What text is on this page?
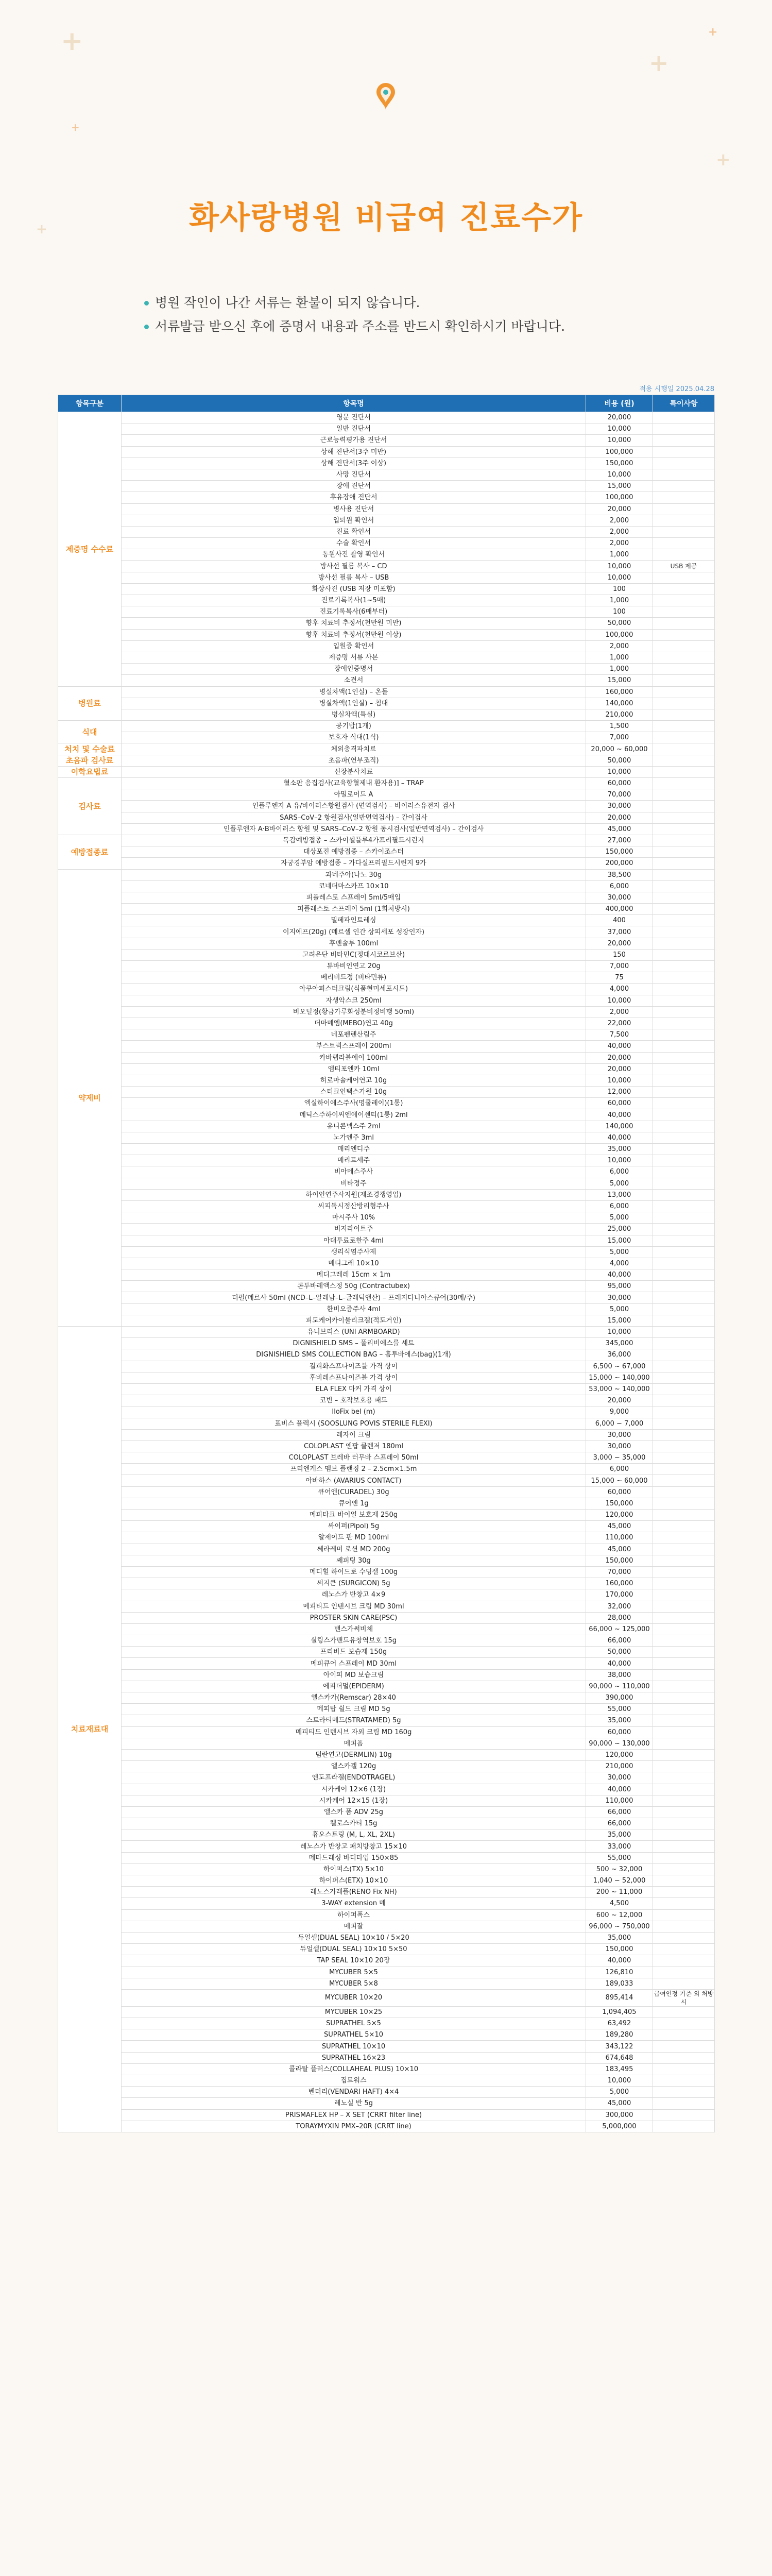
+
+
+
+
+
+	화사랑병원 비급여 진료수가
병원 작인이 나간 서류는 환불이 되지 않습니다.
서류발급 받으신 후에 증명서 내용과 주소를 반드시 확인하시기 바랍니다.
적용 시행일 2025.04.28
항목구분	항목명	비용 (원)	특이사항
제증명 수수료	영문 진단서	20,000	
	일반 진단서	10,000	
	근로능력평가용 진단서	10,000	
	상해 진단서(3주 미만)	100,000	
	상해 진단서(3주 이상)	150,000	
	사망 진단서	10,000	
	장애 진단서	15,000	
	후유장애 진단서	100,000	
	병사용 진단서	20,000	
	입퇴원 확인서	2,000	
	진료 확인서	2,000	
	수술 확인서	2,000	
	통원사진 촬영 확인서	1,000	
	방사선 필름 복사 – CD	10,000	USB 제공
	방사선 필름 복사 – USB	10,000	
	화상사진 (USB 저장 미포함)	100	
	진료기록복사(1~5매)	1,000	
	진료기록복사(6매부터)	100	
	향후 치료비 추정서(천만원 미만)	50,000	
	향후 치료비 추정서(천만원 이상)	100,000	
	입원증 확인서	2,000	
	제증명 서류 사본	1,000	
	장애인증명서	1,000	
	소견서	15,000	
병원료	병실차액(1인실) – 온돌	160,000	
	병실차액(1인실) – 침대	140,000	
	병실차액(특실)	210,000	
식대	공기밥(1개)	1,500	
	보호자 식대(1식)	7,000	
처치 및 수술료	체외충격파치료	20,000 ~ 60,000	
초음파 검사료	초음파(연부조직)	50,000	
이학요법료	신장분사치료	10,000	
검사료	혈소판 응집검사(교육항혈제내 환자용)] – TRAP	60,000	
	아밀로이드 A	70,000	
	인플루엔자 A 유/바이러스항원검사 (면역검사) – 바이러스유전자 검사	30,000	
	SARS–CoV–2 항원검사(일반면역검사) – 간이검사	20,000	
	인플루엔자 A·B바이러스 항원 및 SARS–CoV–2 항원 동시검사(일반면역검사) – 간이검사	45,000	
예방접종료	독감예방접종 – 스카이셀플루4가프리필드시린지	27,000	
	대상포진 예방접종 – 스카이조스터	150,000	
	자궁경부암 예방접종 – 가다실프리필드시린지 9가	200,000	
약제비	과네주아(나노 30g	38,500	
	코네더마스카프 10×10	6,000	
	피플레스토 스프레이 5ml/5매입	30,000	
	피플레스토 스프레이 5ml (1회처방시)	400,000	
	밀페파인트레싱	400	
	이지에프(20g) (메르셀 인간 상피세포 성장인자)	37,000	
	후맨솔루 100ml	20,000	
	고려은단 비타민C(정대시코르브산)	150	
	튜바비인연고 20g	7,000	
	베리비드정 (비타민류)	75	
	아쿠아피스터크림(식품현미세포시드)	4,000	
	자생악스크 250ml	10,000	
	비오틸정(황금가루화성분비정비행 50ml)	2,000	
	더마메엠(MEBO)연고 40g	22,000	
	네포펜렌산림주	7,500	
	부스트퀵스프레이 200ml	40,000	
	카바랩라블에이 100ml	20,000	
	엠티포엔카 10ml	20,000	
	허로마솔케어연고 10g	10,000	
	스티크인택스가원 10g	12,000	
	엑실하이에스주사(명쿨레이)(1통)	60,000	
	메딕스주하이씨엔에이센티(1통) 2ml	40,000	
	유니콘넥스주 2ml	140,000	
	노가엔주 3ml	40,000	
	매리엔디주	35,000	
	메리트세주	10,000	
	비아메스주사	6,000	
	비타정주	5,000	
	하이인연주사지원(제조경쟁영업)	13,000	
	씨피독시정산방리형주사	6,000	
	마시주사 10%	5,000	
	비지라이트주	25,000	
	아대투료로한주 4ml	15,000	
	생리식염주사제	5,000	
	메디그레 10×10	4,000	
	메디그레레 15cm × 1m	40,000	
	콘투바레액스정 50g (Contractubex)	95,000	
	더펄(메르사 50ml (NCD–L–알레남–L–글레딕앤산) – 프레지다니아스큐어(30메/주)	30,000	
	한비오즘주사 4ml	5,000	
	피도케어카이물리크겔(적도거인)	15,000	
치료재료대	유니브리스 (UNI ARMBOARD)	10,000	
	DIGNISHIELD SMS – 폴리비에스를 세트	345,000	
	DIGNISHIELD SMS COLLECTION BAG – 흠투바에스(bag)(1개)	36,000	
	결피화스프나이즈블 가격 상이	6,500 ~ 67,000	
	후비레스프나이즈블 가격 상이	15,000 ~ 140,000	
	ELA FLEX 마커 가격 상이	53,000 ~ 140,000	
	코빈 – 호작보호용 패드	20,000	
	IloFix bel (m)	9,000	
	표비스 플렉시 (SOOSLUNG POVIS STERILE FLEXI)	6,000 ~ 7,000	
	레자이 크림	30,000	
	COLOPLAST 엔팝 클렌저 180ml	30,000	
	COLOPLAST 브레바 러무바 스프레이 50ml	3,000 ~ 35,000	
	프리엔케스 멤브 플랜징 2 – 2.5cm×1.5m	6,000	
	아바하스 (AVARIUS CONTACT)	15,000 ~ 60,000	
	큐어엔(CURADEL) 30g	60,000	
	큐어엔 1g	150,000	
	메피타크 바이얼 보호제 250g	120,000	
	싸이퍼(Pipol) 5g	45,000	
	알제이드 판 MD 100ml	110,000	
	쎄라레미 로션 MD 200g	45,000	
	쎄피팅 30g	150,000	
	메디힐 하이드로 수딩젤 100g	70,000	
	써지큰 (SURGICON) 5g	160,000	
	레노스가 반창고 4×9	170,000	
	메피티드 인텐시브 크림 MD 30ml	32,000	
	PROSTER SKIN CARE(PSC)	28,000	
	밴스가써비체	66,000 ~ 125,000	
	실링스가밴드유창역보호 15g	66,000	
	프리비드 보습제 150g	50,000	
	메피큐어 스프레이 MD 30ml	40,000	
	아이피 MD 보습크림	38,000	
	에피더멀(EPIDERM)	90,000 ~ 110,000	
	엘스카가(Remscar) 28×40	390,000	
	메피탑 쉴드 크림 MD 5g	55,000	
	스트라티메드(STRATAMED) 5g	35,000	
	메피티드 인텐시브 자외 크림 MD 160g	60,000	
	메피폼	90,000 ~ 130,000	
	덤란연고(DERMLIN) 10g	120,000	
	엘스카겔 120g	210,000	
	엔도프라겔(ENDOTRAGEL)	30,000	
	시카케어 12×6 (1장)	40,000	
	시카케어 12×15 (1장)	110,000	
	엘스카 폼 ADV 25g	66,000	
	켈로스카티 15g	66,000	
	휴오스트링 (M, L, XL, 2XL)	35,000	
	레노스가 반창고 패치방창고 15×10	33,000	
	메타드래싱 바디타입 150×85	55,000	
	하이퍼스(TX) 5×10	500 ~ 32,000	
	하이퍼스(ETX) 10×10	1,040 ~ 52,000	
	레노스가래플(RENO Fix NH)	200 ~ 11,000	
	3-WAY extension 메	4,500	
	하이퍼폭스	600 ~ 12,000	
	메피잘	96,000 ~ 750,000	
	듀얼셀(DUAL SEAL) 10×10 / 5×20	35,000	
	듀얼셀(DUAL SEAL) 10×10 5×50	150,000	
	TAP SEAL 10×10 20장	40,000	
	MYCUBER 5×5	126,810	
	MYCUBER 5×8	189,033	
	MYCUBER 10×20	895,414	급여인정 기준 외 처방시
	MYCUBER 10×25	1,094,405	
	SUPRATHEL 5×5	63,492	
	SUPRATHEL 5×10	189,280	
	SUPRATHEL 10×10	343,122	
	SUPRATHEL 16×23	674,648	
	콜라탈 플러스(COLLAHEAL PLUS) 10×10	183,495	
	집트워스	10,000	
	벤더리(VENDARI HAFT) 4×4	5,000	
	레노실 반 5g	45,000	
	PRISMAFLEX HP – X SET (CRRT filter line)	300,000	
	TORAYMYXIN PMX–20R (CRRT line)	5,000,000	
